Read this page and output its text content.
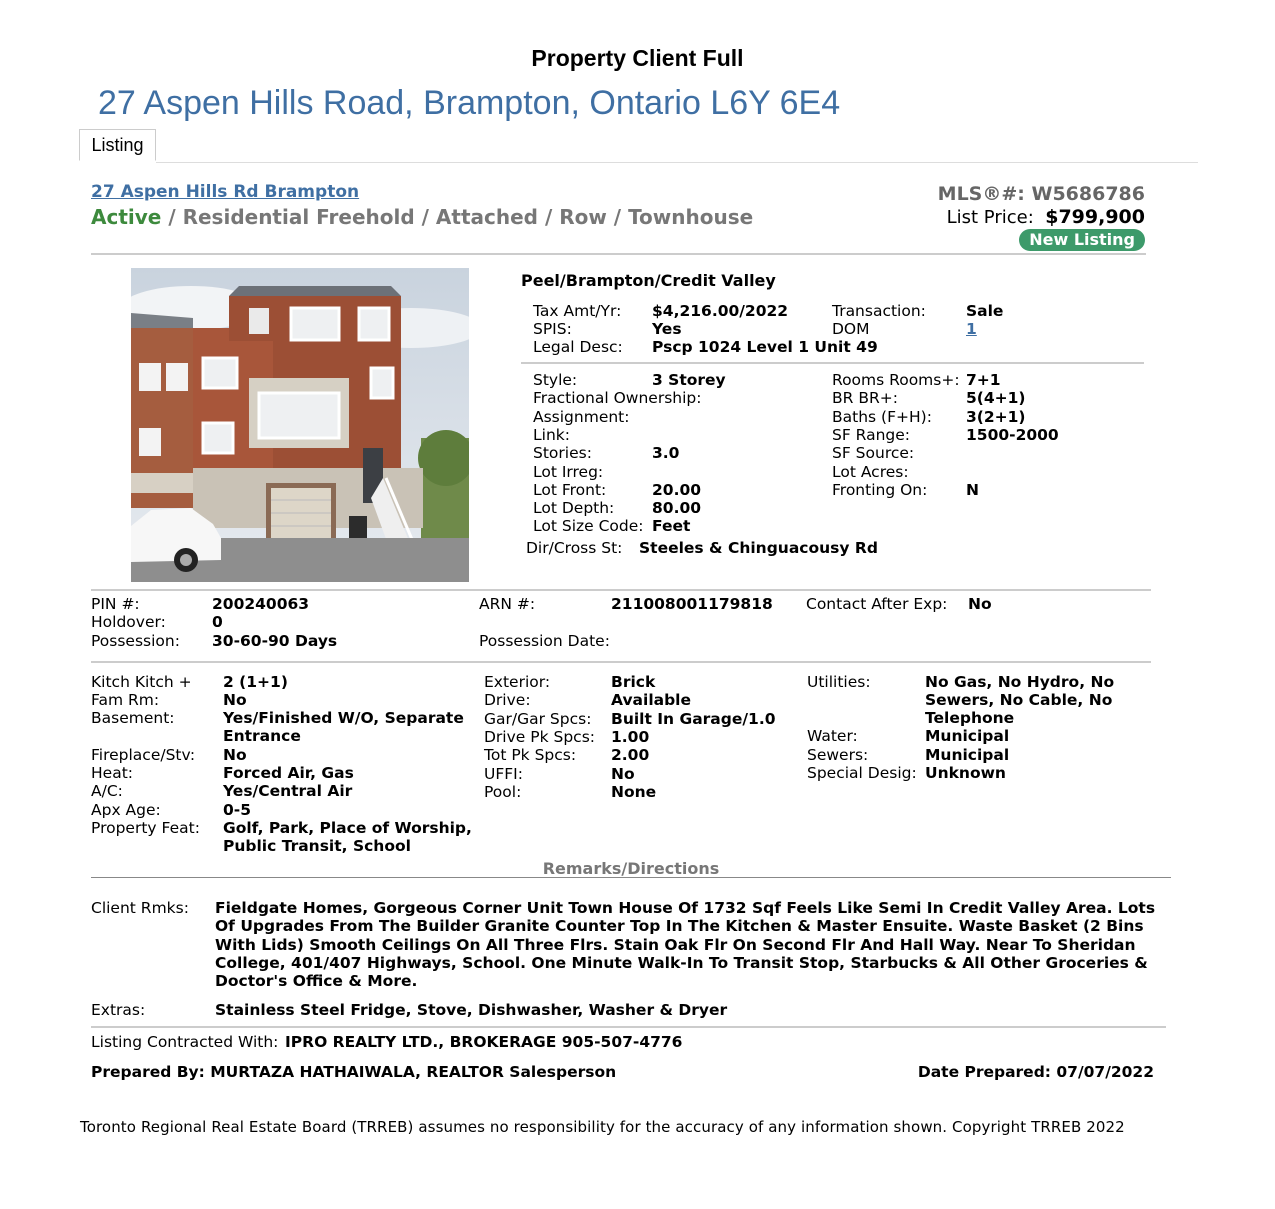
Property Client Full
27 Aspen Hills Road, Brampton, Ontario L6Y 6E4
Listing
27 Aspen Hills Rd Brampton
Active / Residential Freehold / Attached / Row / Townhouse
MLS®#: W5686786
List Price: $799,900
New Listing
Peel/Brampton/Credit Valley
Tax Amt/Yr: $4,216.00/2022	Transaction:	Sale
SPIS:	Yes	DOM	1
Legal Desc: Pscp 1024 Level 1 Unit 49
Style:	3 Storey
Fractional Ownership:
Assignment:
Link:
Stories:	3.0
Lot Irreg:
Lot Front:	20.00
Lot Depth: 80.00
Lot Size Code: Feet
Rooms Rooms+: 7+1
BR BR+:	5(4+1)
Baths (F+H): 3(2+1)
SF Range:	1500-2000
SF Source:
Lot Acres:
Fronting On: N
Dir/Cross St: Steeles & Chinguacousy Rd
PIN #:	200240063	ARN #:	211008001179818 Contact After Exp: No
Holdover:	0
Possession: 30-60-90 Days	Possession Date:
Kitch Kitch + 2 (1+1)
Fam Rm:	No
Basement:	Yes/Finished W/O, Separate
Entrance
Fireplace/Stv: No
Heat:	Forced Air, Gas
A/C:	Yes/Central Air
Apx Age:	0-5
Property Feat: Golf, Park, Place of Worship,
Public Transit, School
Exterior:	Brick
Drive:	Available
Gar/Gar Spcs: Built In Garage/1.0
Drive Pk Spcs: 1.00
Tot Pk Spcs: 2.00
UFFI:	No
Pool:	None
Utilities:	No Gas, No Hydro, No
Sewers, No Cable, No
Telephone
Water:	Municipal
Sewers:	Municipal
Special Desig: Unknown
Remarks/Directions
Client Rmks: Fieldgate Homes, Gorgeous Corner Unit Town House Of 1732 Sqf Feels Like Semi In Credit Valley Area. Lots
Of Upgrades From The Builder Granite Counter Top In The Kitchen & Master Ensuite. Waste Basket (2 Bins
With Lids) Smooth Ceilings On All Three Flrs. Stain Oak Flr On Second Flr And Hall Way. Near To Sheridan
College, 401/407 Highways, School. One Minute Walk-In To Transit Stop, Starbucks & All Other Groceries &
Doctor's Office & More.
Extras:	Stainless Steel Fridge, Stove, Dishwasher, Washer & Dryer
Listing Contracted With: IPRO REALTY LTD., BROKERAGE 905-507-4776
Prepared By: MURTAZA HATHAIWALA, REALTOR Salesperson	Date Prepared: 07/07/2022
Toronto Regional Real Estate Board (TRREB) assumes no responsibility for the accuracy of any information shown. Copyright TRREB 2022
